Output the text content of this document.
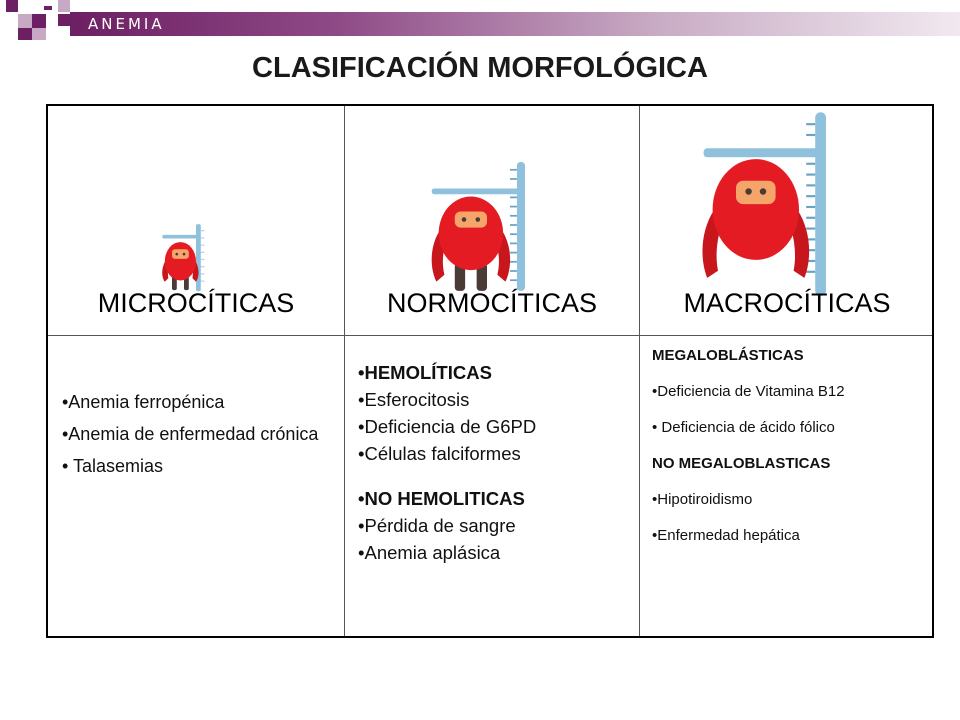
ANEMIA
CLASIFICACIÓN MORFOLÓGICA
MICROCÍTICAS	NORMOCÍTICAS	MACROCÍTICAS
•Anemia ferropénica
•Anemia de enfermedad crónica
• Talasemias
•HEMOLÍTICAS
•Esferocitosis
•Deficiencia de G6PD
•Células falciformes
•NO HEMOLITICAS
•Pérdida de sangre
•Anemia aplásica
MEGALOBLÁSTICAS
•Deficiencia de Vitamina B12
• Deficiencia de ácido fólico
NO MEGALOBLASTICAS
•Hipotiroidismo
•Enfermedad hepática
